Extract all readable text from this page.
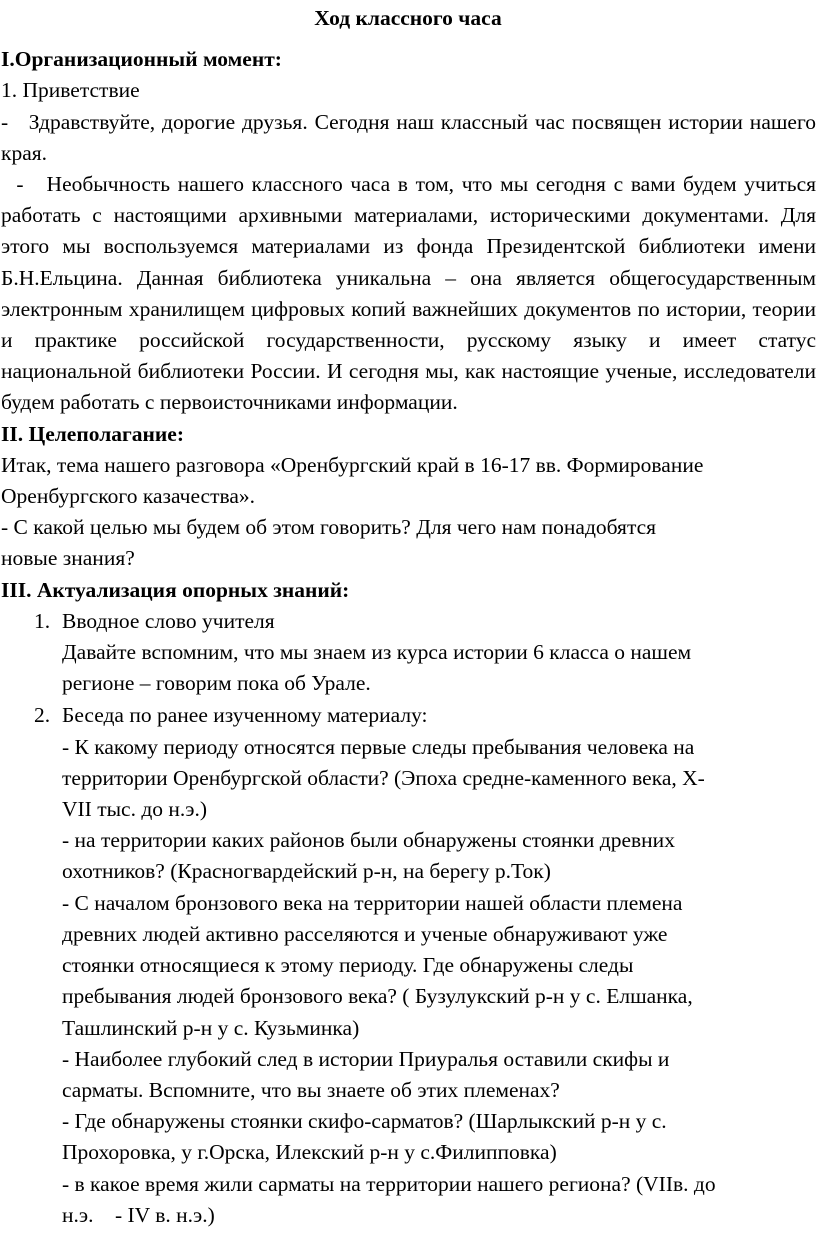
Ход классного часа
I.Организационный момент:
1. Приветствие
-   Здравствуйте, дорогие друзья. Сегодня наш классный час посвящен истории нашего края.
-   Необычность нашего классного часа в том, что мы сегодня с вами будем учиться работать с настоящими архивными материалами, историческими документами. Для этого мы воспользуемся материалами из фонда Президентской библиотеки имени Б.Н.Ельцина. Данная библиотека уникальна – она является общегосударственным электронным хранилищем цифровых копий важнейших документов по истории, теории и практике российской государственности, русскому языку и имеет статус национальной библиотеки России. И сегодня мы, как настоящие ученые, исследователи будем работать с первоисточниками информации.
II. Целеполагание:
Итак, тема нашего разговора «Оренбургский край в 16-17 вв. Формирование
Оренбургского казачества».
- С какой целью мы будем об этом говорить? Для чего нам понадобятся
новые знания?
III. Актуализация опорных знаний:
1. Вводное слово учителя
Давайте вспомним, что мы знаем из курса истории 6 класса о нашем
регионе – говорим пока об Урале.
2. Беседа по ранее изученному материалу:
- К какому периоду относятся первые следы пребывания человека на
территории Оренбургской области? (Эпоха средне-каменного века, X-
VII тыс. до н.э.)
- на территории каких районов были обнаружены стоянки древних
охотников? (Красногвардейский р-н, на берегу р.Ток)
- С началом бронзового века на территории нашей области племена
древних людей активно расселяются и ученые обнаруживают уже
стоянки относящиеся к этому периоду. Где обнаружены следы
пребывания людей бронзового века? ( Бузулукский р-н у с. Елшанка,
Ташлинский р-н у с. Кузьминка)
- Наиболее глубокий след в истории Приуралья оставили скифы и
сарматы. Вспомните, что вы знаете об этих племенах?
- Где обнаружены стоянки скифо-сарматов? (Шарлыкский р-н у с.
Прохоровка, у г.Орска, Илекский р-н у с.Филипповка)
- в какое время жили сарматы на территории нашего региона? (VIIв. до
н.э.    - IV в. н.э.)
